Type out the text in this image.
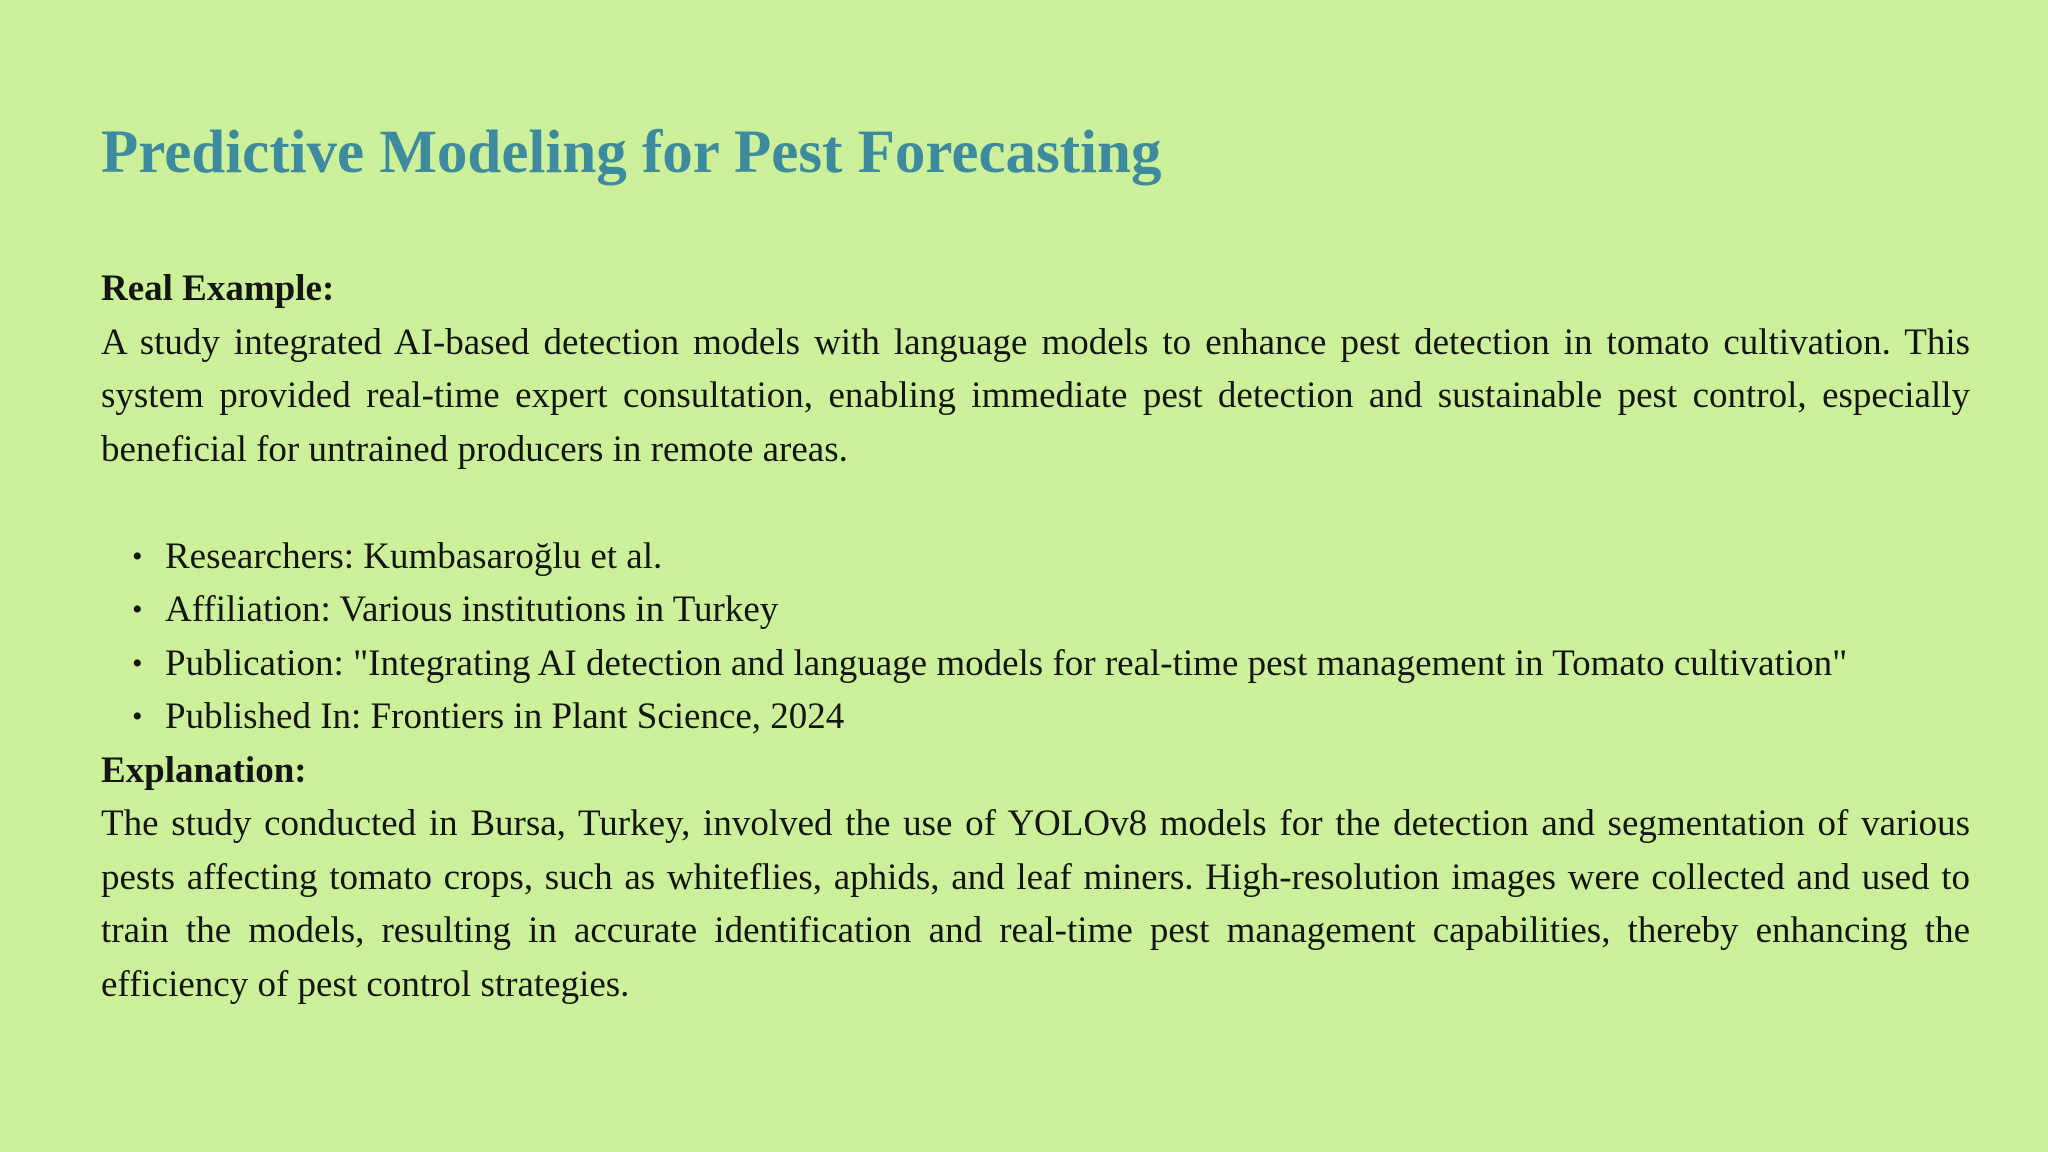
Predictive Modeling for Pest Forecasting

Real Example:

A study integrated AI-based detection models with language models to enhance pest detection in tomato cultivation. This system provided real-time expert consultation, enabling immediate pest detection and sustainable pest control, especially beneficial for untrained producers in remote areas.

• Researchers: Kumbasaroğlu et al.
• Affiliation: Various institutions in Turkey
• Publication: "Integrating AI detection and language models for real-time pest management in Tomato cultivation"
• Published In: Frontiers in Plant Science, 2024

Explanation:

The study conducted in Bursa, Turkey, involved the use of YOLOv8 models for the detection and segmentation of various pests affecting tomato crops, such as whiteflies, aphids, and leaf miners. High-resolution images were collected and used to train the models, resulting in accurate identification and real-time pest management capabilities, thereby enhancing the efficiency of pest control strategies.
